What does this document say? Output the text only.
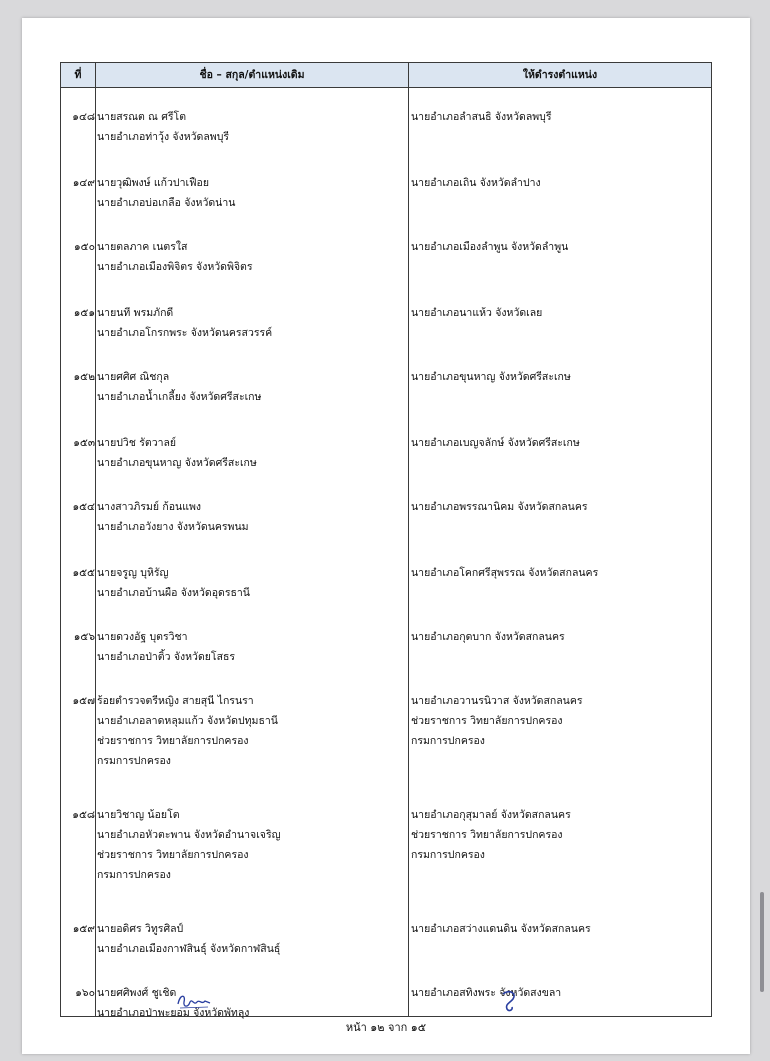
ที่	ชื่อ – สกุล/ตำแหน่งเดิม	ให้ดำรงตำแหน่ง
๑๔๘ นายสรณต ณ ศรีโต
นายอำเภอท่าวุ้ง จังหวัดลพบุรี
นายอำเภอลำสนธิ จังหวัดลพบุรี
๑๔๙ นายวุฒิพงษ์ แก้วปาเฟือย
นายอำเภอบ่อเกลือ จังหวัดน่าน
นายอำเภอเถิน จังหวัดลำปาง
๑๕๐ นายตลภาค เนตรใส
นายอำเภอเมืองพิจิตร จังหวัดพิจิตร
นายอำเภอเมืองลำพูน จังหวัดลำพูน
๑๕๑ นายนที พรมภักดี
นายอำเภอโกรกพระ จังหวัดนครสวรรค์
นายอำเภอนาแห้ว จังหวัดเลย
๑๕๒ นายศศิศ ณิชกุล
นายอำเภอน้ำเกลี้ยง จังหวัดศรีสะเกษ
นายอำเภอขุนหาญ จังหวัดศรีสะเกษ
๑๕๓ นายปวิช รัตวาลย์
นายอำเภอขุนหาญ จังหวัดศรีสะเกษ
นายอำเภอเบญจลักษ์ จังหวัดศรีสะเกษ
๑๕๔ นางสาวภิรมย์ ก้อนแพง
นายอำเภอวังยาง จังหวัดนครพนม
นายอำเภอพรรณานิคม จังหวัดสกลนคร
๑๕๕ นายจรูญ บุหิรัญ
นายอำเภอบ้านผือ จังหวัดอุดรธานี
นายอำเภอโคกศรีสุพรรณ จังหวัดสกลนคร
๑๕๖ นายดวงอัฐ บุตรวิชา
นายอำเภอป่าติ้ว จังหวัดยโสธร
นายอำเภอกุดบาก จังหวัดสกลนคร
๑๕๗ ร้อยตำรวจตรีหญิง สายสุนี ไกรนรา
นายอำเภอลาดหลุมแก้ว จังหวัดปทุมธานี
ช่วยราชการ วิทยาลัยการปกครอง
กรมการปกครอง
นายอำเภอวานรนิวาส จังหวัดสกลนคร
ช่วยราชการ วิทยาลัยการปกครอง
กรมการปกครอง
๑๕๘ นายวิชาญ น้อยโต
นายอำเภอหัวตะพาน จังหวัดอำนาจเจริญ
ช่วยราชการ วิทยาลัยการปกครอง
กรมการปกครอง
นายอำเภอกุสุมาลย์ จังหวัดสกลนคร
ช่วยราชการ วิทยาลัยการปกครอง
กรมการปกครอง
๑๕๙ นายอดิศร วิทูรศิลป์
นายอำเภอเมืองกาฬสินธุ์ จังหวัดกาฬสินธุ์
นายอำเภอสว่างแดนดิน จังหวัดสกลนคร
๑๖๐ นายศศิพงศ์ ชูเชิด
นายอำเภอป่าพะยอม จังหวัดพัทลุง
นายอำเภอสทิงพระ จังหวัดสงขลา
หน้า ๑๒ จาก ๑๕
